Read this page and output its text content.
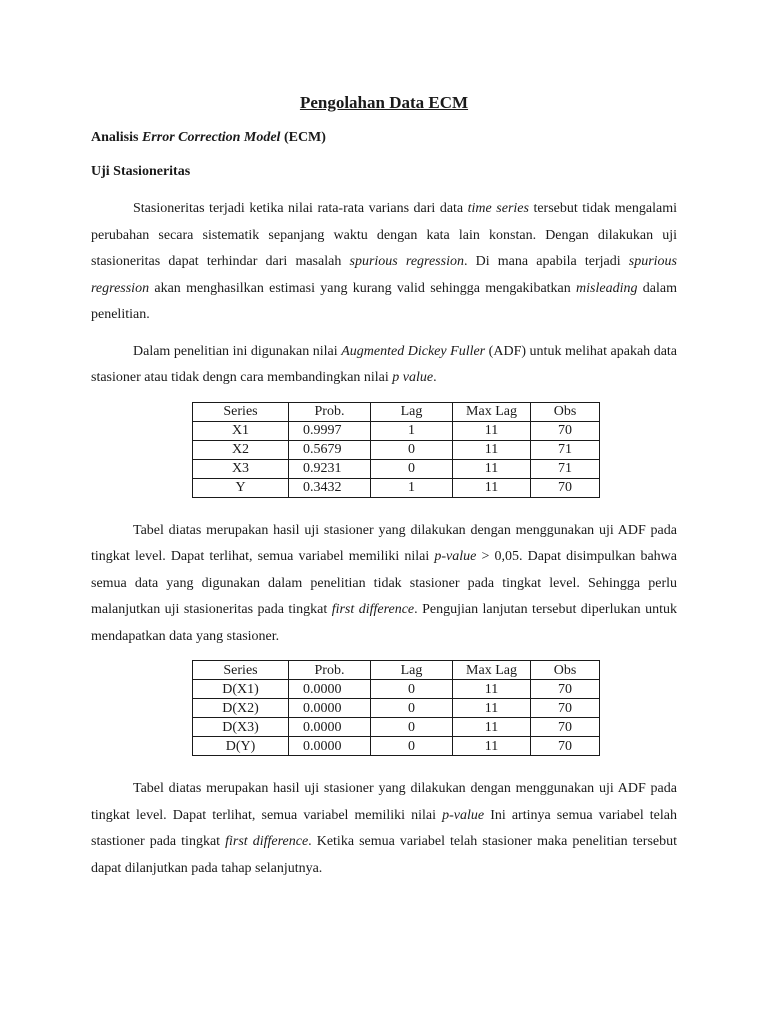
Pengolahan Data ECM
Analisis Error Correction Model (ECM)
Uji Stasioneritas

Stasioneritas terjadi ketika nilai rata-rata varians dari data time series tersebut tidak mengalami perubahan secara sistematik sepanjang waktu dengan kata lain konstan. Dengan dilakukan uji stasioneritas dapat terhindar dari masalah spurious regression. Di mana apabila terjadi spurious regression akan menghasilkan estimasi yang kurang valid sehingga mengakibatkan misleading dalam penelitian.

Dalam penelitian ini digunakan nilai Augmented Dickey Fuller (ADF) untuk melihat apakah data stasioner atau tidak dengn cara membandingkan nilai p value.

Series	Prob.	Lag	Max Lag	Obs
X1	0.9997	1	11	70
X2	0.5679	0	11	71
X3	0.9231	0	11	71
Y	0.3432	1	11	70

Tabel diatas merupakan hasil uji stasioner yang dilakukan dengan menggunakan uji ADF pada tingkat level. Dapat terlihat, semua variabel memiliki nilai p-value > 0,05. Dapat disimpulkan bahwa semua data yang digunakan dalam penelitian tidak stasioner pada tingkat level. Sehingga perlu malanjutkan uji stasioneritas pada tingkat first difference. Pengujian lanjutan tersebut diperlukan untuk mendapatkan data yang stasioner.

Series	Prob.	Lag	Max Lag	Obs
D(X1)	0.0000	0	11	70
D(X2)	0.0000	0	11	70
D(X3)	0.0000	0	11	70
D(Y)	0.0000	0	11	70

Tabel diatas merupakan hasil uji stasioner yang dilakukan dengan menggunakan uji ADF pada tingkat level. Dapat terlihat, semua variabel memiliki nilai p-value Ini artinya semua variabel telah stastioner pada tingkat first difference. Ketika semua variabel telah stasioner maka penelitian tersebut dapat dilanjutkan pada tahap selanjutnya.
